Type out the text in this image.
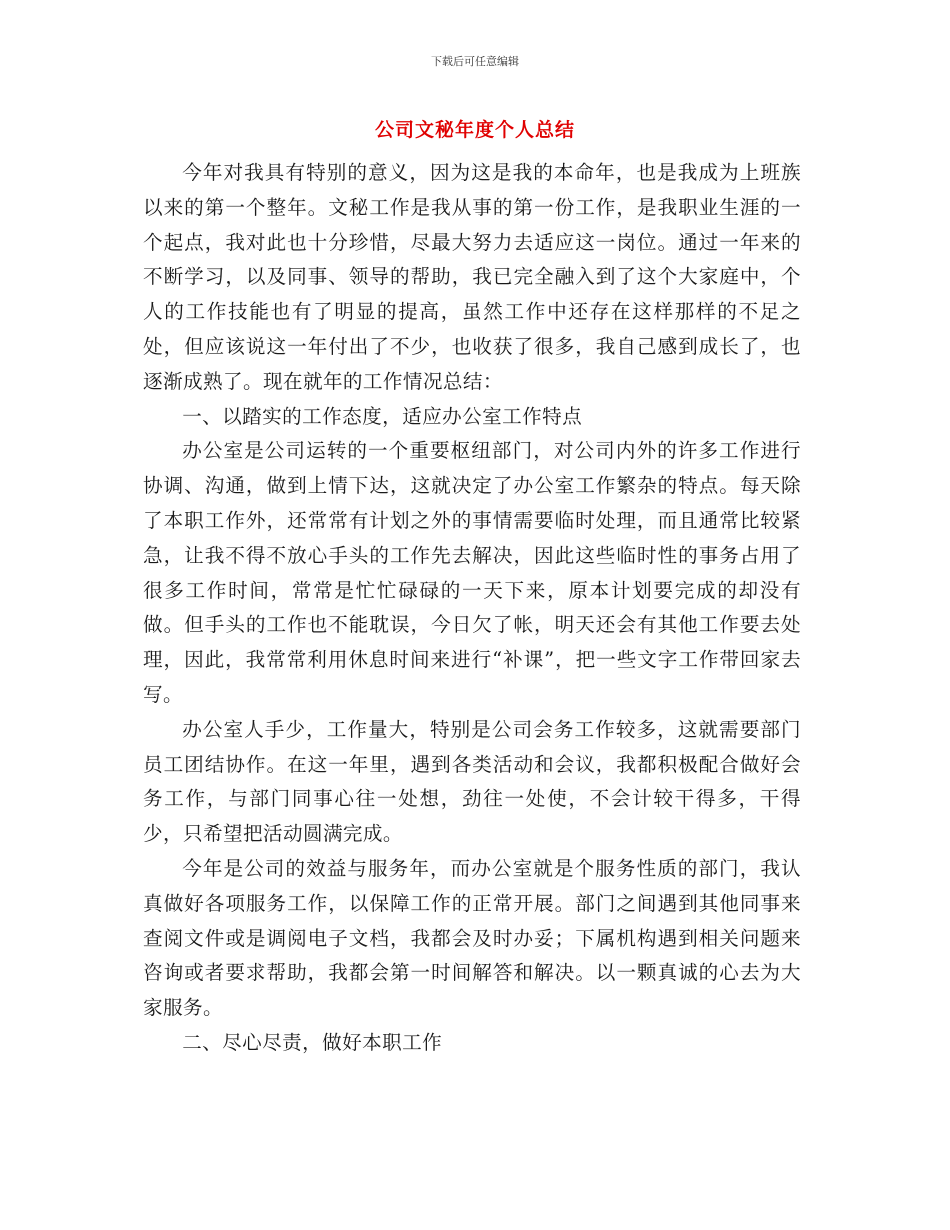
下载后可任意编辑
公司文秘年度个人总结

今年对我具有特别的意义，因为这是我的本命年，也是我成为上班族以来的第一个整年。文秘工作是我从事的第一份工作，是我职业生涯的一个起点，我对此也十分珍惜，尽最大努力去适应这一岗位。通过一年来的不断学习，以及同事、领导的帮助，我已完全融入到了这个大家庭中，个人的工作技能也有了明显的提高，虽然工作中还存在这样那样的不足之处，但应该说这一年付出了不少，也收获了很多，我自己感到成长了，也逐渐成熟了。现在就年的工作情况总结：

一、以踏实的工作态度，适应办公室工作特点

办公室是公司运转的一个重要枢纽部门，对公司内外的许多工作进行协调、沟通，做到上情下达，这就决定了办公室工作繁杂的特点。每天除了本职工作外，还常常有计划之外的事情需要临时处理，而且通常比较紧急，让我不得不放心手头的工作先去解决，因此这些临时性的事务占用了很多工作时间，常常是忙忙碌碌的一天下来，原本计划要完成的却没有做。但手头的工作也不能耽误，今日欠了帐，明天还会有其他工作要去处理，因此，我常常利用休息时间来进行“补课”，把一些文字工作带回家去写。

办公室人手少，工作量大，特别是公司会务工作较多，这就需要部门员工团结协作。在这一年里，遇到各类活动和会议，我都积极配合做好会务工作，与部门同事心往一处想，劲往一处使，不会计较干得多，干得少，只希望把活动圆满完成。

今年是公司的效益与服务年，而办公室就是个服务性质的部门，我认真做好各项服务工作，以保障工作的正常开展。部门之间遇到其他同事来查阅文件或是调阅电子文档，我都会及时办妥；下属机构遇到相关问题来咨询或者要求帮助，我都会第一时间解答和解决。以一颗真诚的心去为大家服务。

二、尽心尽责，做好本职工作
